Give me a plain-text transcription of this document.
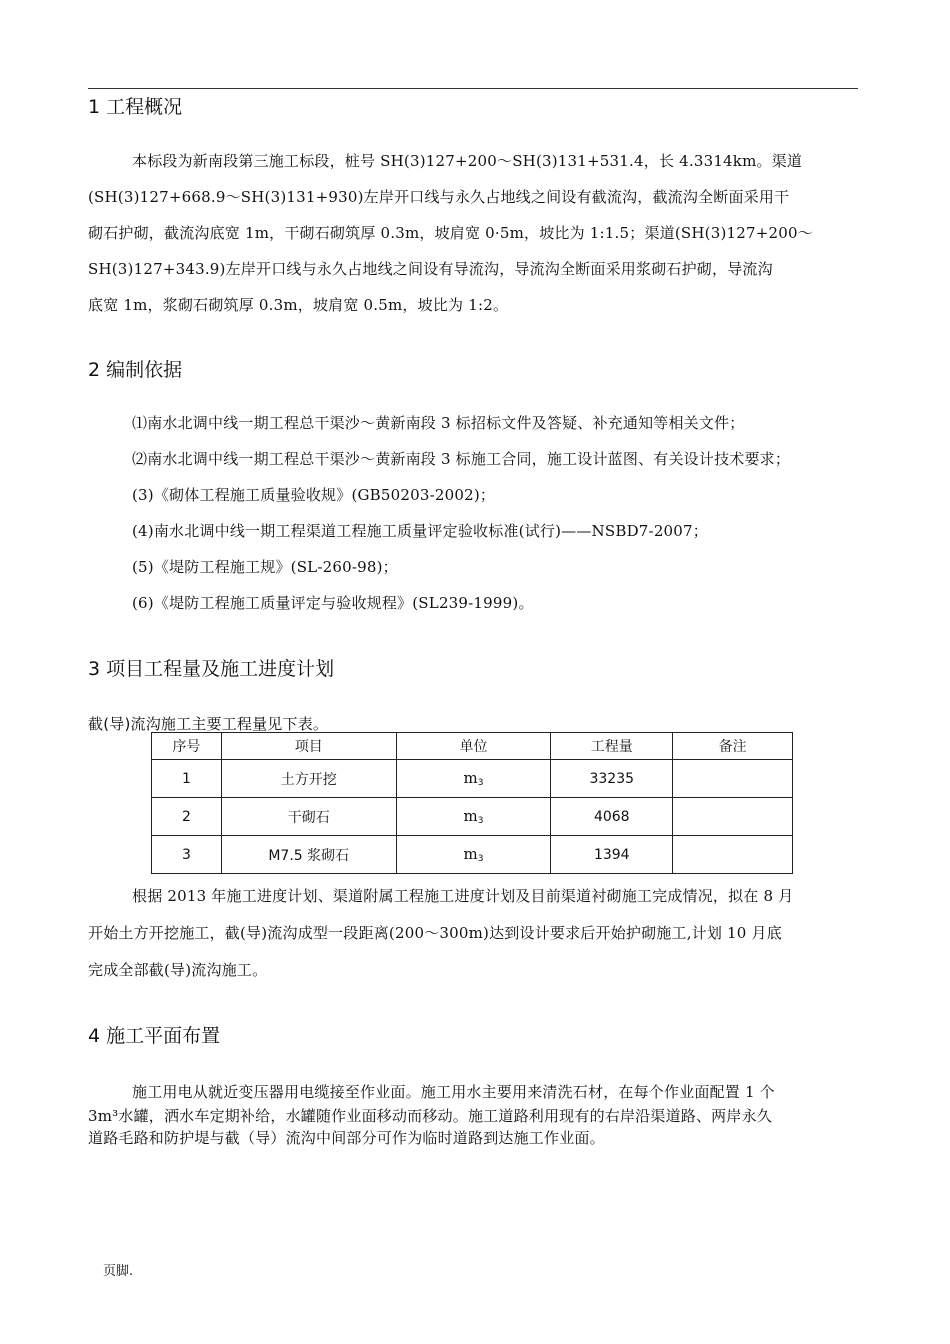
1 工程概况
本标段为新南段第三施工标段，桩号 SH(3)127+200～SH(3)131+531.4，长 4.3314km。渠道
(SH(3)127+668.9～SH(3)131+930)左岸开口线与永久占地线之间设有截流沟，截流沟全断面采用干
砌石护砌，截流沟底宽 1m，干砌石砌筑厚 0.3m，坡肩宽 0·5m，坡比为 1:1.5；渠道(SH(3)127+200～
SH(3)127+343.9)左岸开口线与永久占地线之间设有导流沟，导流沟全断面采用浆砌石护砌，导流沟
底宽 1m，浆砌石砌筑厚 0.3m，坡肩宽 0.5m，坡比为 1:2。
2 编制依据
⑴南水北调中线一期工程总干渠沙～黄新南段 3 标招标文件及答疑、补充通知等相关文件；
⑵南水北调中线一期工程总干渠沙～黄新南段 3 标施工合同，施工设计蓝图、有关设计技术要求；
(3)《砌体工程施工质量验收规》(GB50203-2002)；
(4)南水北调中线一期工程渠道工程施工质量评定验收标准(试行)——NSBD7-2007；
(5)《堤防工程施工规》(SL-260-98)；
(6)《堤防工程施工质量评定与验收规程》(SL239-1999)。
3 项目工程量及施工进度计划
截(导)流沟施工主要工程量见下表。
序号	项目	单位	工程量	备注
1	土方开挖	$m_3$	33235	
2	干砌石	$m_3$	4068	
3	M7.5 浆砌石	$m_3$	1394	
根据 2013 年施工进度计划、渠道附属工程施工进度计划及目前渠道衬砌施工完成情况，拟在 8 月
开始土方开挖施工，截(导)流沟成型一段距离(200～300m)达到设计要求后开始护砌施工,计划 10 月底
完成全部截(导)流沟施工。
4 施工平面布置
施工用电从就近变压器用电缆接至作业面。施工用水主要用来清洗石材，在每个作业面配置 1 个
3m³水罐，洒水车定期补给，水罐随作业面移动而移动。施工道路利用现有的右岸沿渠道路、两岸永久
道路毛路和防护堤与截（导）流沟中间部分可作为临时道路到达施工作业面。
页脚.
